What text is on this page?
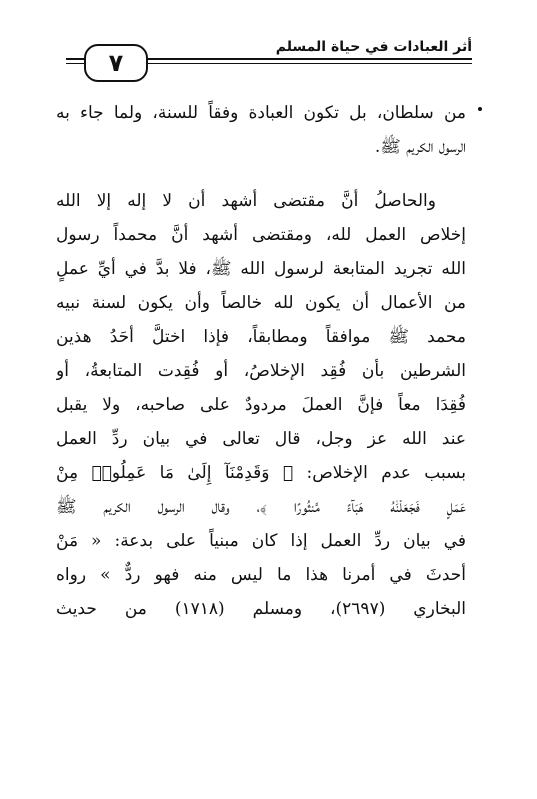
أثر العبادات في حياة المسلم
٧
من سلطان، بل تكون العبادة وفقاً للسنة، ولما جاء به
الرسول الكريم ﷺ.
والحاصلُ أنَّ مقتضى أشهد أن لا إله إلا الله
إخلاص العمل لله، ومقتضى أشهد أنَّ محمداً رسول
الله تجريد المتابعة لرسول الله ﷺ، فلا بدَّ في أيِّ عملٍ
من الأعمال أن يكون لله خالصاً وأن يكون لسنة نبيه
محمد ﷺ موافقاً ومطابقاً، فإذا اختلَّ أحَدُ هذين
الشرطين بأن فُقِد الإخلاصُ، أو فُقِدت المتابعةُ، أو
فُقِدَا معاً فإنَّ العملَ مردودٌ على صاحبه، ولا يقبل
عند الله عز وجل، قال تعالى في بيان ردِّ العمل
بسبب عدم الإخلاص: ﴿ وَقَدِمْنَآ إِلَىٰ مَا عَمِلُوا۟ مِنْ
عَمَلٍ فَجَعَلْنَٰهُ هَبَآءً مَّنثُورًا ﴾، وقال الرسول الكريم ﷺ
في بيان ردِّ العمل إذا كان مبنياً على بدعة: « مَنْ
أحدثَ في أمرنا هذا ما ليس منه فهو ردٌّ » رواه
البخاري (٢٦٩٧)، ومسلم (١٧١٨) من حديث
